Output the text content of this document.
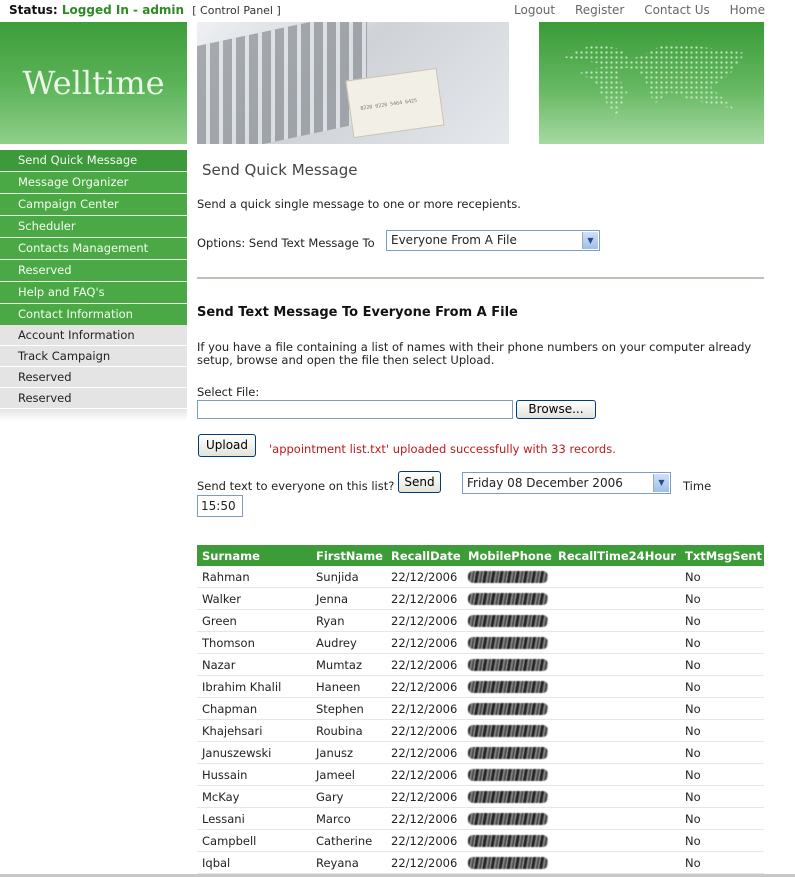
Status: Logged In - admin [ Control Panel ]	Logout Register Contact Us Home
Welltime
8220 0220 5464 6425
Send Quick Message
Message Organizer
Campaign Center
Scheduler
Contacts Management
Reserved
Help and FAQ's
Contact Information
Account Information
Track Campaign
Reserved
Reserved
Send Quick Message
Send a quick single message to one or more recepients.
Options: Send Text Message To	Everyone From A File	▼
Send Text Message To Everyone From A File
If you have a file containing a list of names with their phone numbers on your computer already setup, browse and open the file then select Upload.
Select File:
Browse...
Upload	'appointment list.txt' uploaded successfully with 33 records.
Send text to everyone on this list? Send	Friday 08 December 2006	▼	Time
15:50
Surname	FirstName	RecallDate	MobilePhone	RecallTime24Hour	TxtMsgSent
Rahman	Sunjida	22/12/2006			No
Walker	Jenna	22/12/2006			No
Green	Ryan	22/12/2006			No
Thomson	Audrey	22/12/2006			No
Nazar	Mumtaz	22/12/2006			No
Ibrahim Khalil	Haneen	22/12/2006			No
Chapman	Stephen	22/12/2006			No
Khajehsari	Roubina	22/12/2006			No
Januszewski	Janusz	22/12/2006			No
Hussain	Jameel	22/12/2006			No
McKay	Gary	22/12/2006			No
Lessani	Marco	22/12/2006			No
Campbell	Catherine	22/12/2006			No
Iqbal	Reyana	22/12/2006			No
